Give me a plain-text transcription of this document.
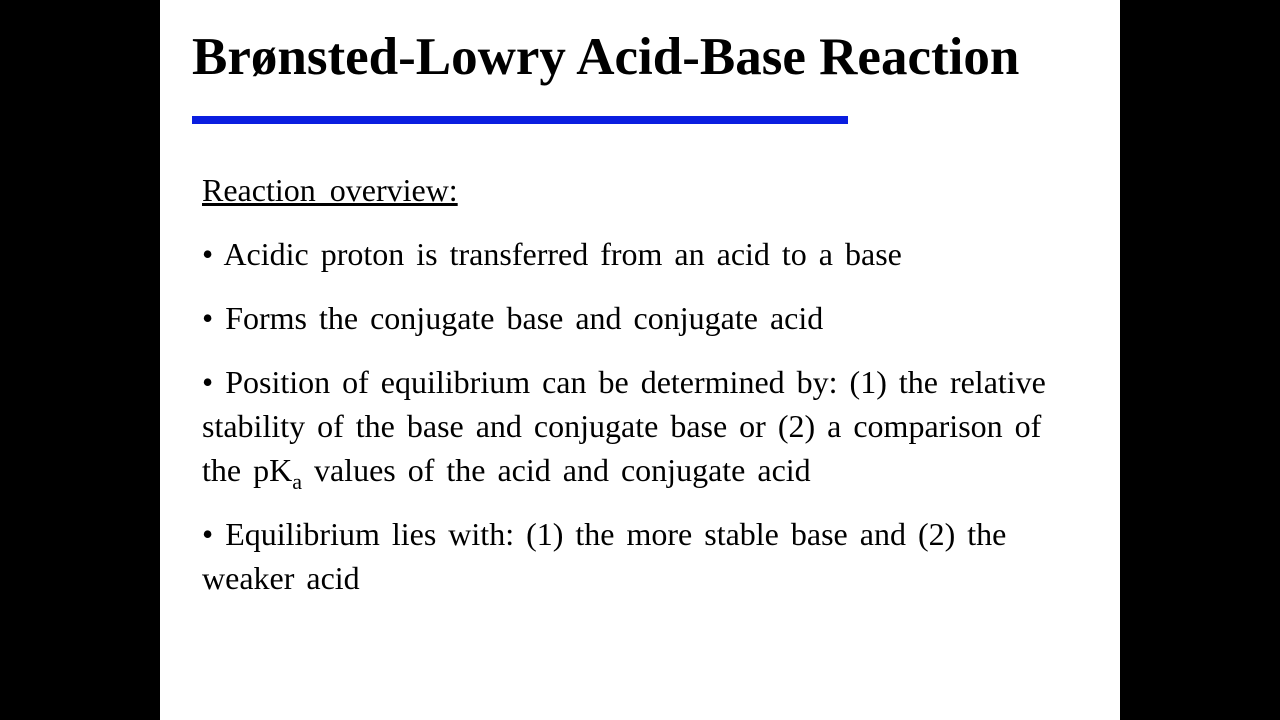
Brønsted-Lowry Acid-Base Reaction

Reaction overview:

• Acidic proton is transferred from an acid to a base

• Forms the conjugate base and conjugate acid

• Position of equilibrium can be determined by: (1) the relative stability of the base and conjugate base or (2) a comparison of the $pK_a$ values of the acid and conjugate acid

• Equilibrium lies with: (1) the more stable base and (2) the weaker acid
